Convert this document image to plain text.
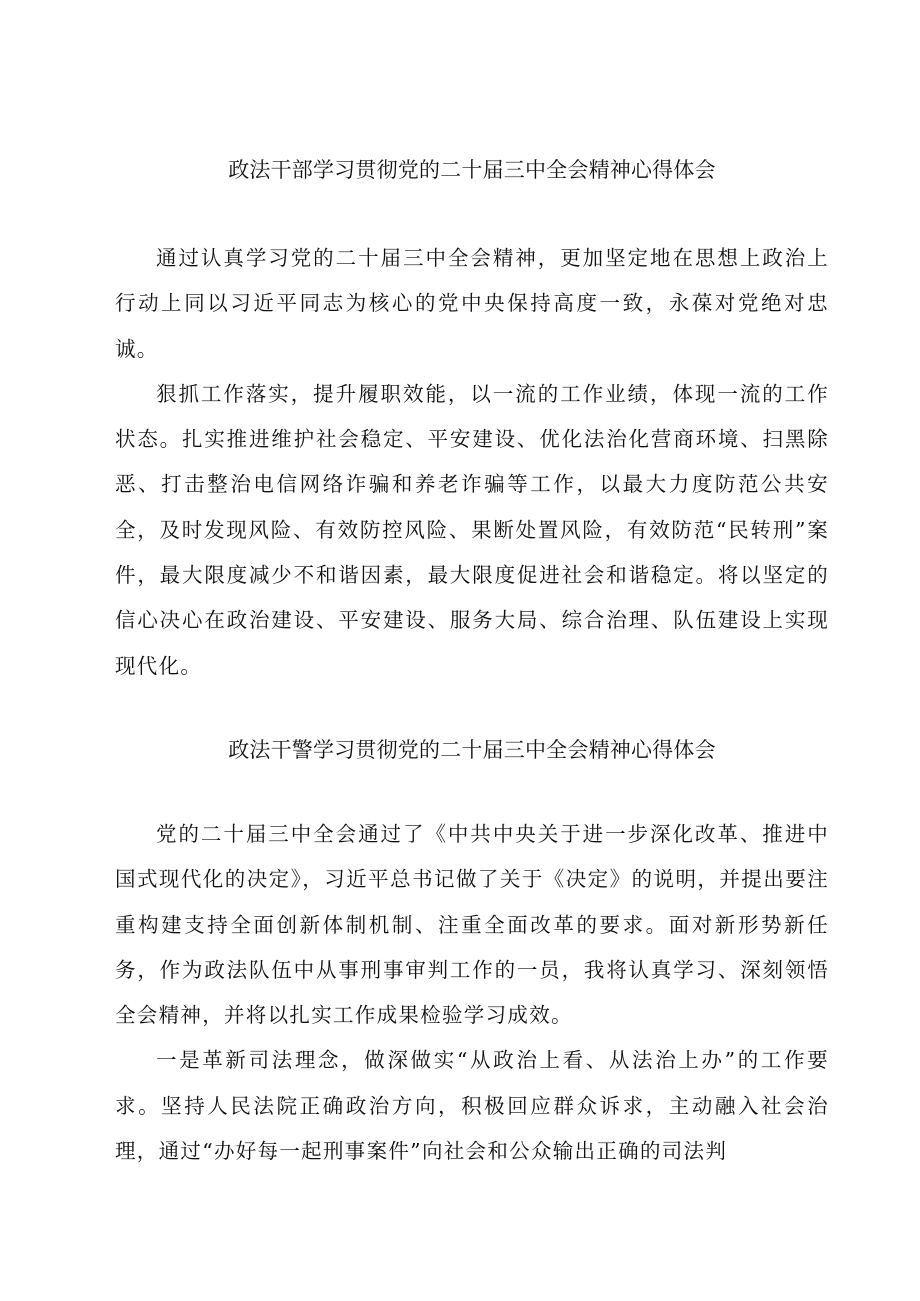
政法干部学习贯彻党的二十届三中全会精神心得体会

通过认真学习党的二十届三中全会精神，更加坚定地在思想上政治上行动上同以习近平同志为核心的党中央保持高度一致，永葆对党绝对忠诚。

狠抓工作落实，提升履职效能，以一流的工作业绩，体现一流的工作状态。扎实推进维护社会稳定、平安建设、优化法治化营商环境、扫黑除恶、打击整治电信网络诈骗和养老诈骗等工作，以最大力度防范公共安全，及时发现风险、有效防控风险、果断处置风险，有效防范“民转刑”案件，最大限度减少不和谐因素，最大限度促进社会和谐稳定。将以坚定的信心决心在政治建设、平安建设、服务大局、综合治理、队伍建设上实现现代化。

政法干警学习贯彻党的二十届三中全会精神心得体会

党的二十届三中全会通过了《中共中央关于进一步深化改革、推进中国式现代化的决定》，习近平总书记做了关于《决定》的说明，并提出要注重构建支持全面创新体制机制、注重全面改革的要求。面对新形势新任务，作为政法队伍中从事刑事审判工作的一员，我将认真学习、深刻领悟全会精神，并将以扎实工作成果检验学习成效。

一是革新司法理念，做深做实“从政治上看、从法治上办”的工作要求。坚持人民法院正确政治方向，积极回应群众诉求，主动融入社会治理，通过“办好每一起刑事案件”向社会和公众输出正确的司法判
